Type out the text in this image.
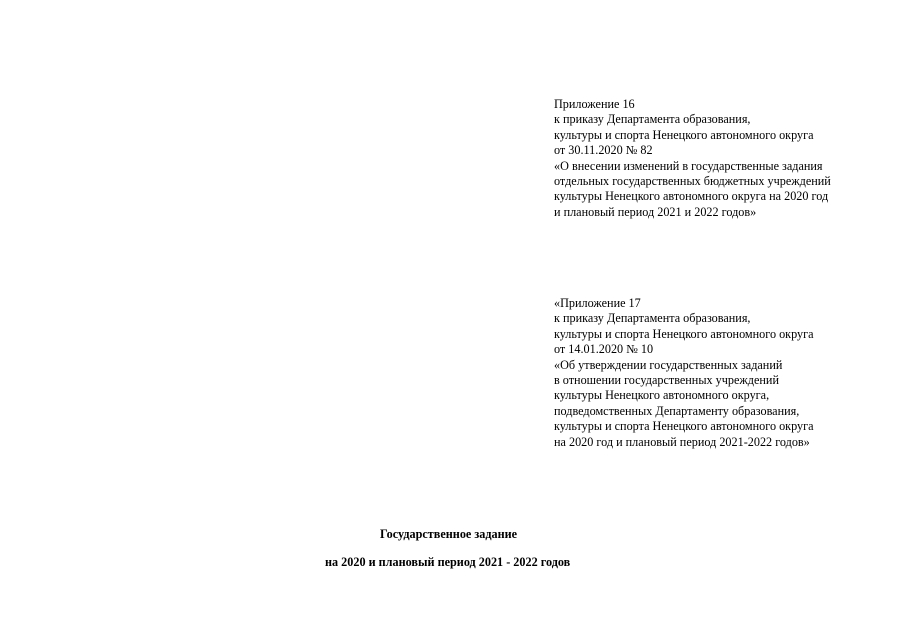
Приложение 16
к приказу Департамента образования,
культуры и спорта Ненецкого автономного округа
от 30.11.2020 № 82
«О внесении изменений в государственные задания
отдельных государственных бюджетных учреждений
культуры Ненецкого автономного округа на 2020 год
и плановый период 2021 и 2022 годов»
«Приложение 17
к приказу Департамента образования,
культуры и спорта Ненецкого автономного округа
от 14.01.2020 № 10
«Об утверждении государственных заданий
в отношении государственных учреждений
культуры Ненецкого автономного округа,
подведомственных Департаменту образования,
культуры и спорта Ненецкого автономного округа
на 2020 год и плановый период 2021-2022 годов»
Государственное задание
на 2020 и плановый период 2021 - 2022 годов
